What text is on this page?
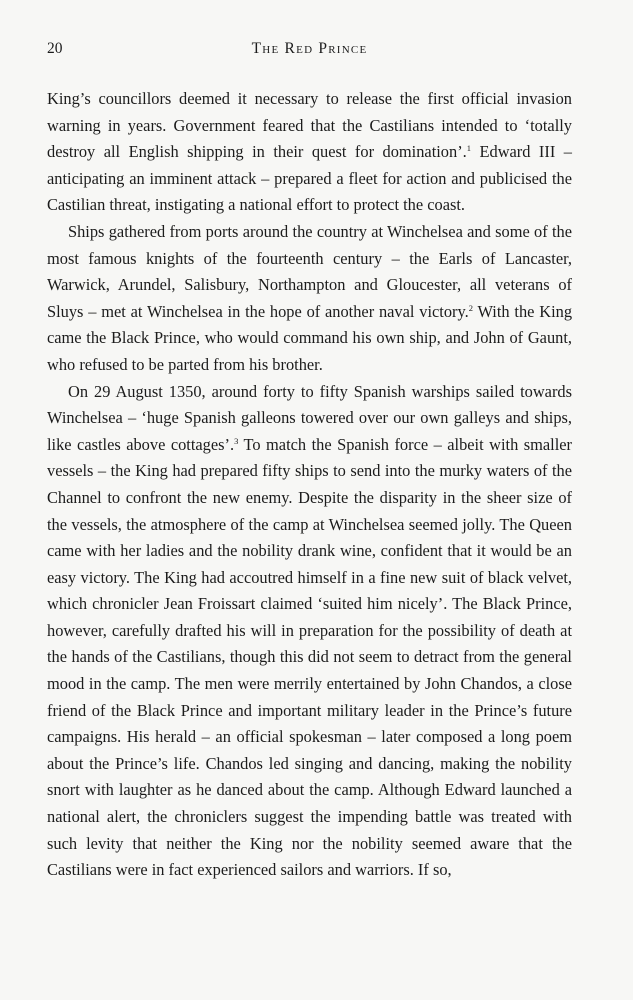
20	The Red Prince

King’s councillors deemed it necessary to release the first official invasion warning in years. Government feared that the Castilians intended to ‘totally destroy all English shipping in their quest for domination’.$^1$ Edward III – anticipating an imminent attack – prepared a fleet for action and publicised the Castilian threat, instigating a national effort to protect the coast.

Ships gathered from ports around the country at Winchelsea and some of the most famous knights of the fourteenth century – the Earls of Lancaster, Warwick, Arundel, Salisbury, Northampton and Gloucester, all veterans of Sluys – met at Winchelsea in the hope of another naval victory.$^2$ With the King came the Black Prince, who would command his own ship, and John of Gaunt, who refused to be parted from his brother.

On 29 August 1350, around forty to fifty Spanish warships sailed towards Winchelsea – ‘huge Spanish galleons towered over our own galleys and ships, like castles above cottages’.$^3$ To match the Spanish force – albeit with smaller vessels – the King had prepared fifty ships to send into the murky waters of the Channel to confront the new enemy. Despite the disparity in the sheer size of the vessels, the atmosphere of the camp at Winchelsea seemed jolly. The Queen came with her ladies and the nobility drank wine, confident that it would be an easy victory. The King had accoutred himself in a fine new suit of black velvet, which chronicler Jean Froissart claimed ‘suited him nicely’. The Black Prince, however, carefully drafted his will in preparation for the possibility of death at the hands of the Castilians, though this did not seem to detract from the general mood in the camp. The men were merrily entertained by John Chandos, a close friend of the Black Prince and important military leader in the Prince’s future campaigns. His herald – an official spokesman – later composed a long poem about the Prince’s life. Chandos led singing and dancing, making the nobility snort with laughter as he danced about the camp. Although Edward launched a national alert, the chroniclers suggest the impending battle was treated with such levity that neither the King nor the nobility seemed aware that the Castilians were in fact experienced sailors and warriors. If so,
